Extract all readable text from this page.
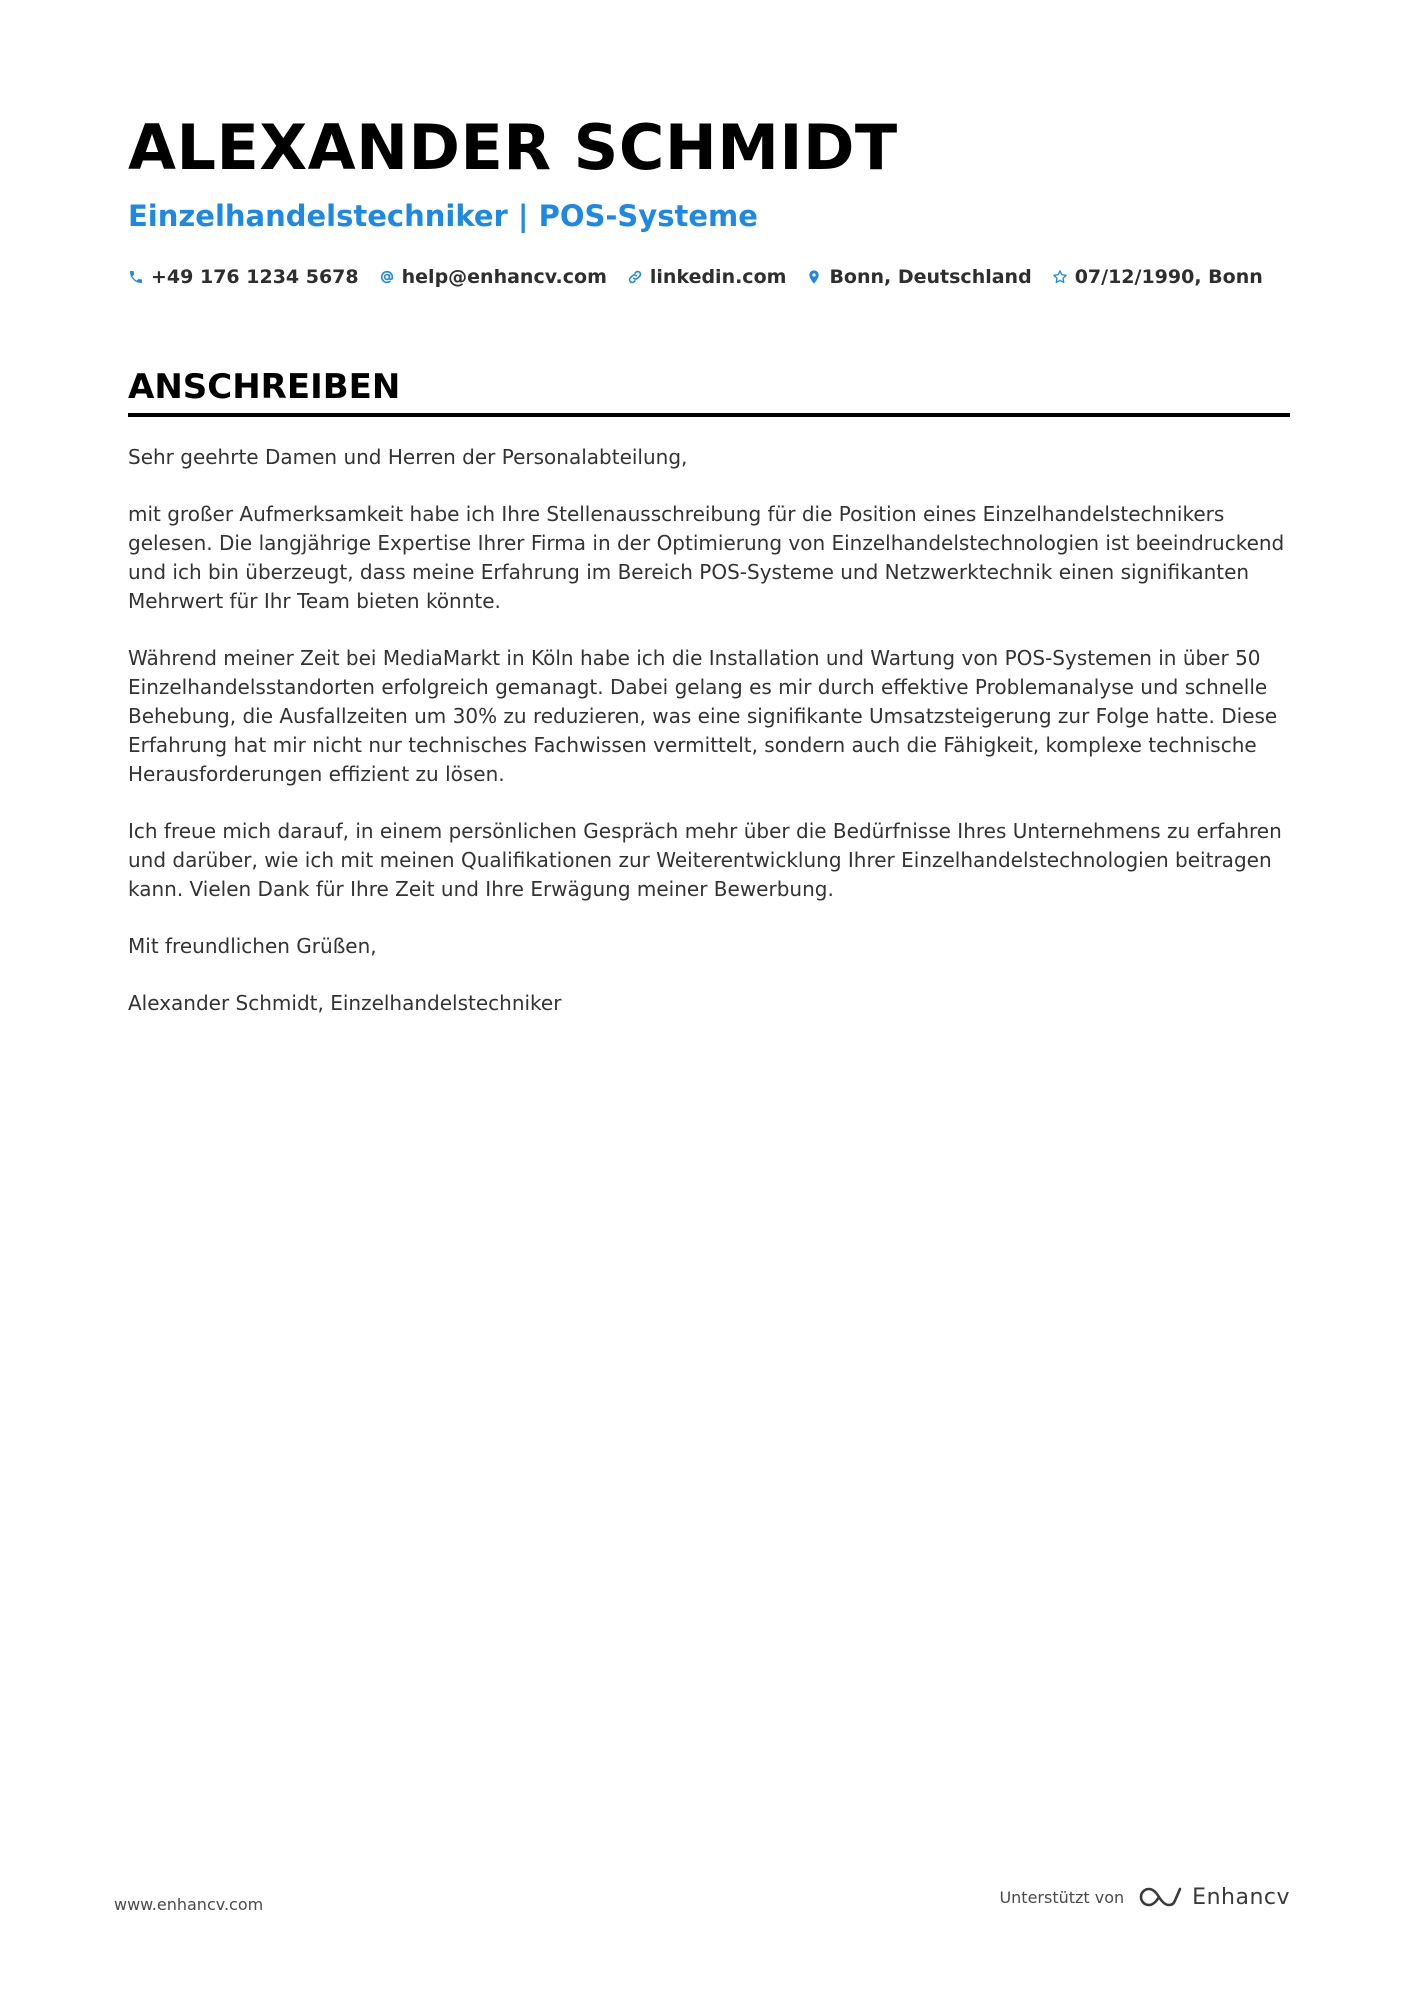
ALEXANDER SCHMIDT
Einzelhandelstechniker | POS-Systeme
+49 176 1234 5678 help@enhancv.com linkedin.com Bonn, Deutschland 07/12/1990, Bonn
ANSCHREIBEN

Sehr geehrte Damen und Herren der Personalabteilung,

mit großer Aufmerksamkeit habe ich Ihre Stellenausschreibung für die Position eines Einzelhandelstechnikers gelesen. Die langjährige Expertise Ihrer Firma in der Optimierung von Einzelhandelstechnologien ist beeindruckend und ich bin überzeugt, dass meine Erfahrung im Bereich POS-Systeme und Netzwerktechnik einen signifikanten Mehrwert für Ihr Team bieten könnte.

Während meiner Zeit bei MediaMarkt in Köln habe ich die Installation und Wartung von POS-Systemen in über 50 Einzelhandelsstandorten erfolgreich gemanagt. Dabei gelang es mir durch effektive Problemanalyse und schnelle Behebung, die Ausfallzeiten um 30% zu reduzieren, was eine signifikante Umsatzsteigerung zur Folge hatte. Diese Erfahrung hat mir nicht nur technisches Fachwissen vermittelt, sondern auch die Fähigkeit, komplexe technische Herausforderungen effizient zu lösen.

Ich freue mich darauf, in einem persönlichen Gespräch mehr über die Bedürfnisse Ihres Unternehmens zu erfahren und darüber, wie ich mit meinen Qualifikationen zur Weiterentwicklung Ihrer Einzelhandelstechnologien beitragen kann. Vielen Dank für Ihre Zeit und Ihre Erwägung meiner Bewerbung.

Mit freundlichen Grüßen,

Alexander Schmidt, Einzelhandelstechniker

www.enhancv.com	Unterstützt von	Enhancv
